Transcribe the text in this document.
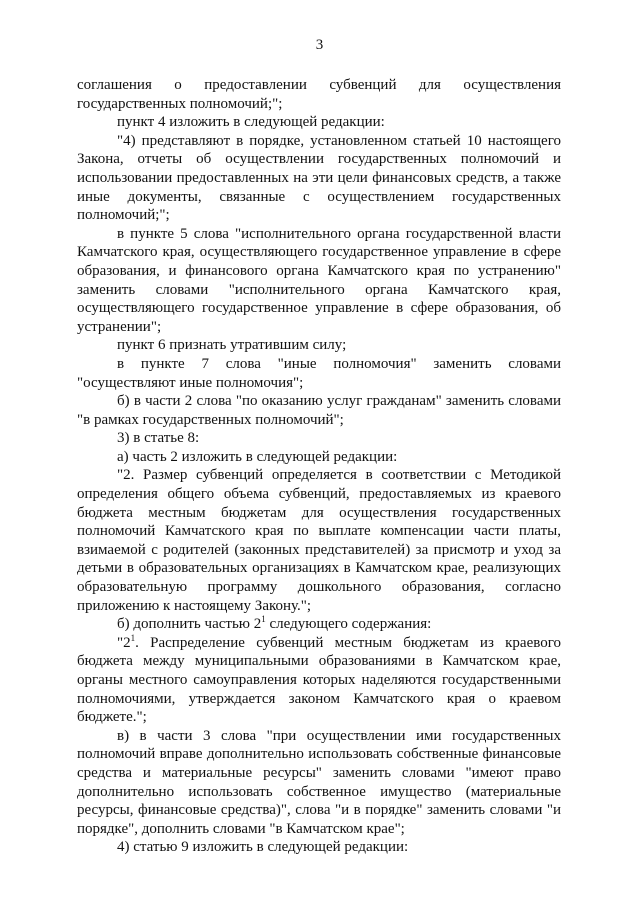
3

соглашения о предоставлении субвенций для осуществления государственных полномочий;";

пункт 4 изложить в следующей редакции:

"4) представляют в порядке, установленном статьей 10 настоящего Закона, отчеты об осуществлении государственных полномочий и использовании предоставленных на эти цели финансовых средств, а также иные документы, связанные с осуществлением государственных полномочий;";

в пункте 5 слова "исполнительного органа государственной власти Камчатского края, осуществляющего государственное управление в сфере образования, и финансового органа Камчатского края по устранению" заменить словами "исполнительного органа Камчатского края, осуществляющего государственное управление в сфере образования, об устранении";

пункт 6 признать утратившим силу;

в пункте 7 слова "иные полномочия" заменить словами "осуществляют иные полномочия";

б) в части 2 слова "по оказанию услуг гражданам" заменить словами "в рамках государственных полномочий";

3) в статье 8:

а) часть 2 изложить в следующей редакции:

"2. Размер субвенций определяется в соответствии с Методикой определения общего объема субвенций, предоставляемых из краевого бюджета местным бюджетам для осуществления государственных полномочий Камчатского края по выплате компенсации части платы, взимаемой с родителей (законных представителей) за присмотр и уход за детьми в образовательных организациях в Камчатском крае, реализующих образовательную программу дошкольного образования, согласно приложению к настоящему Закону.";

б) дополнить частью $2^1$ следующего содержания:

"$2^1$. Распределение субвенций местным бюджетам из краевого бюджета между муниципальными образованиями в Камчатском крае, органы местного самоуправления которых наделяются государственными полномочиями, утверждается законом Камчатского края о краевом бюджете.";

в) в части 3 слова "при осуществлении ими государственных полномочий вправе дополнительно использовать собственные финансовые средства и материальные ресурсы" заменить словами "имеют право дополнительно использовать собственное имущество (материальные ресурсы, финансовые средства)", слова "и в порядке" заменить словами "и порядке", дополнить словами "в Камчатском крае";

4) статью 9 изложить в следующей редакции:
